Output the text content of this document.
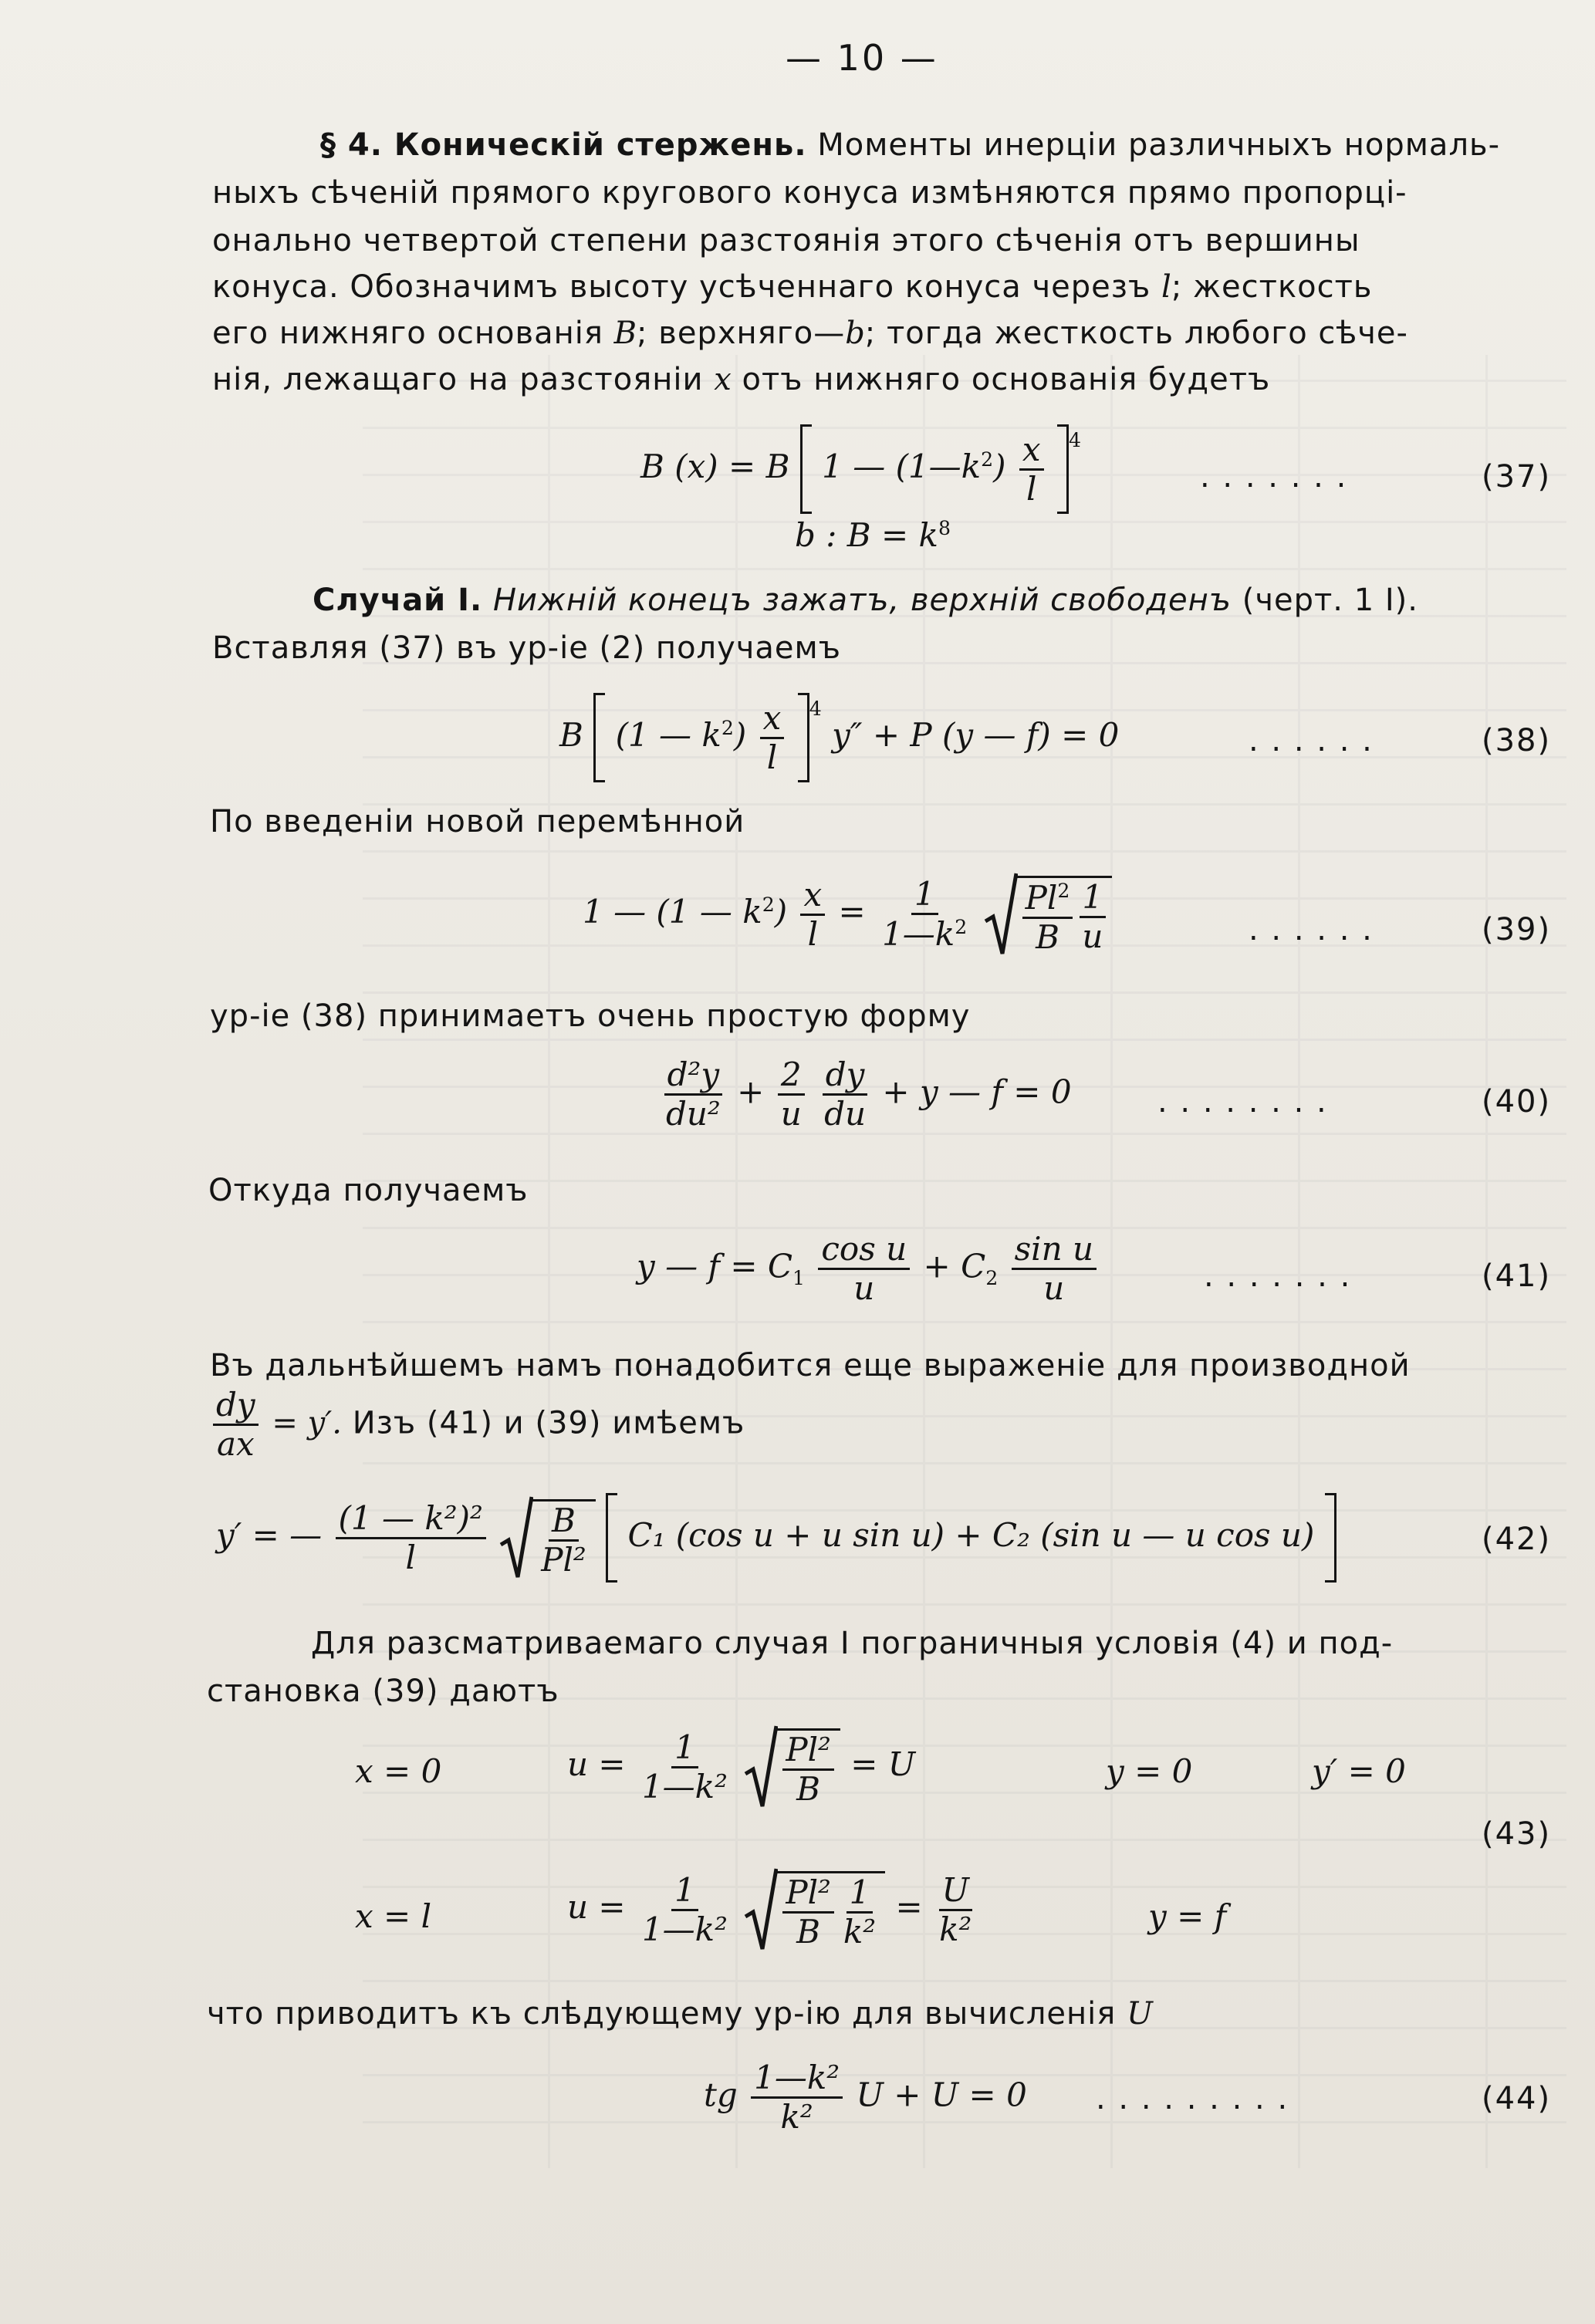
— 10 —
§ 4. Коническій стержень. Моменты инерціи различныхъ нормаль-
ныхъ сѣченій прямого кругового конуса измѣняются прямо пропорці-
онально четвертой степени разстоянія этого сѣченія отъ вершины
конуса. Обозначимъ высоту усѣченнаго конуса черезъ l; жесткость
его нижняго основанія B; верхняго—b; тогда жесткость любого сѣче-
нія, лежащаго на разстояніи x отъ нижняго основанія будетъ
B (x) = B 1 — $(1—k^2) \frac{x}{l} ^4$
. . . . . . .	(37)
b : $B = k^8$
Случай I. Нижній конецъ зажатъ, верхній свободенъ (черт. 1 I).
Вставляя (37) въ ур-іе (2) получаемъ
B (1 — $k^2) \frac{x}{l} ^4$ y″ + P (y — f) = 0	. . . . . .	(38)
По введеніи новой перемѣнной
1 — (1 — $k^2) \frac{x}{l} = \frac{1}{1—k^2}$
$\frac{Pl^2}{B} \frac{1}{u}$	. . . . . .	(39)
ур-іе (38) принимаетъ очень простую форму
$\frac{\text{d²y}}{\text{du²}} + \frac{2}{u}$
$\frac{dy}{du} + y$ — f = 0	. . . . . . . .	(40)
Откуда получаемъ
y — $f = C_1 \frac{\text{cos u}}{u} + C_2 \frac{\text{sin u}}{u}$	. . . . . . .	(41)
Въ дальнѣйшемъ намъ понадобится еще выраженіе для производной
$\frac{dy}{ax} = y'$. Изъ (41) и (39) имѣемъ
y′ = — $\frac{\text{(1 — k²)²}}{l}$
$\frac{B}{\text{Pl²}} C_1$ (cos u + u sin u) + C₂ (sin u — u cos u)	(42)
Для разсматриваемаго случая I пограничныя условія (4) и под-
становка (39) даютъ
x = 0	$u = \frac{1}{\text{1—k²}}$
$\frac{\text{Pl²}}{B} = U$	y = 0	y′ = 0
(43)
x = l	$u = \frac{1}{\text{1—k²}}$
$\frac{\text{Pl²}}{B} \frac{1}{\text{k²}} = \frac{U}{\text{k²}}$	y = f
что приводитъ къ слѣдующему ур-ію для вычисленія U
tg $\frac{\text{1—k²}}{\text{k²}}$ U + U = 0 . . . . . . . . .	(44)
